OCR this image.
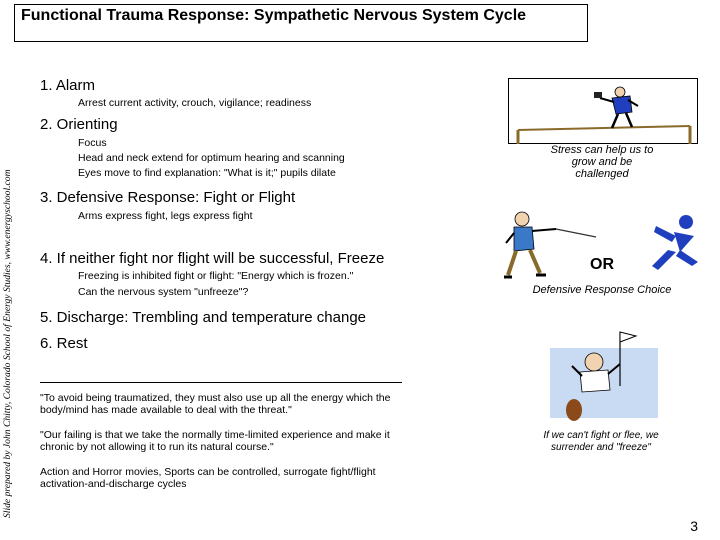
Functional Trauma Response: Sympathetic Nervous System Cycle
Slide prepared by John Chitty, Colorado School of Energy Studies, www.energyschool.com
1. Alarm
Arrest current activity, crouch, vigilance; readiness
2. Orienting
Focus
Head and neck extend for optimum hearing and scanning
Eyes move to find explanation: "What is it;" pupils dilate
3. Defensive Response: Fight or Flight
Arms express fight, legs express fight
4. If neither fight nor flight will be successful, Freeze
Freezing is inhibited fight or flight: "Energy which is frozen."
Can the nervous system "unfreeze"?
5. Discharge: Trembling and temperature change
6. Rest
"To avoid being traumatized, they must also use up all the energy which the body/mind has made available to deal with the threat."
"Our failing is that we take the normally time-limited experience and make it chronic by not allowing it to run its natural course."
Action and Horror movies, Sports can be controlled, surrogate fight/flight activation-and-discharge cycles
Stress can help us to grow and be challenged
OR
Defensive Response Choice
If we can't fight or flee, we surrender and "freeze"
3
